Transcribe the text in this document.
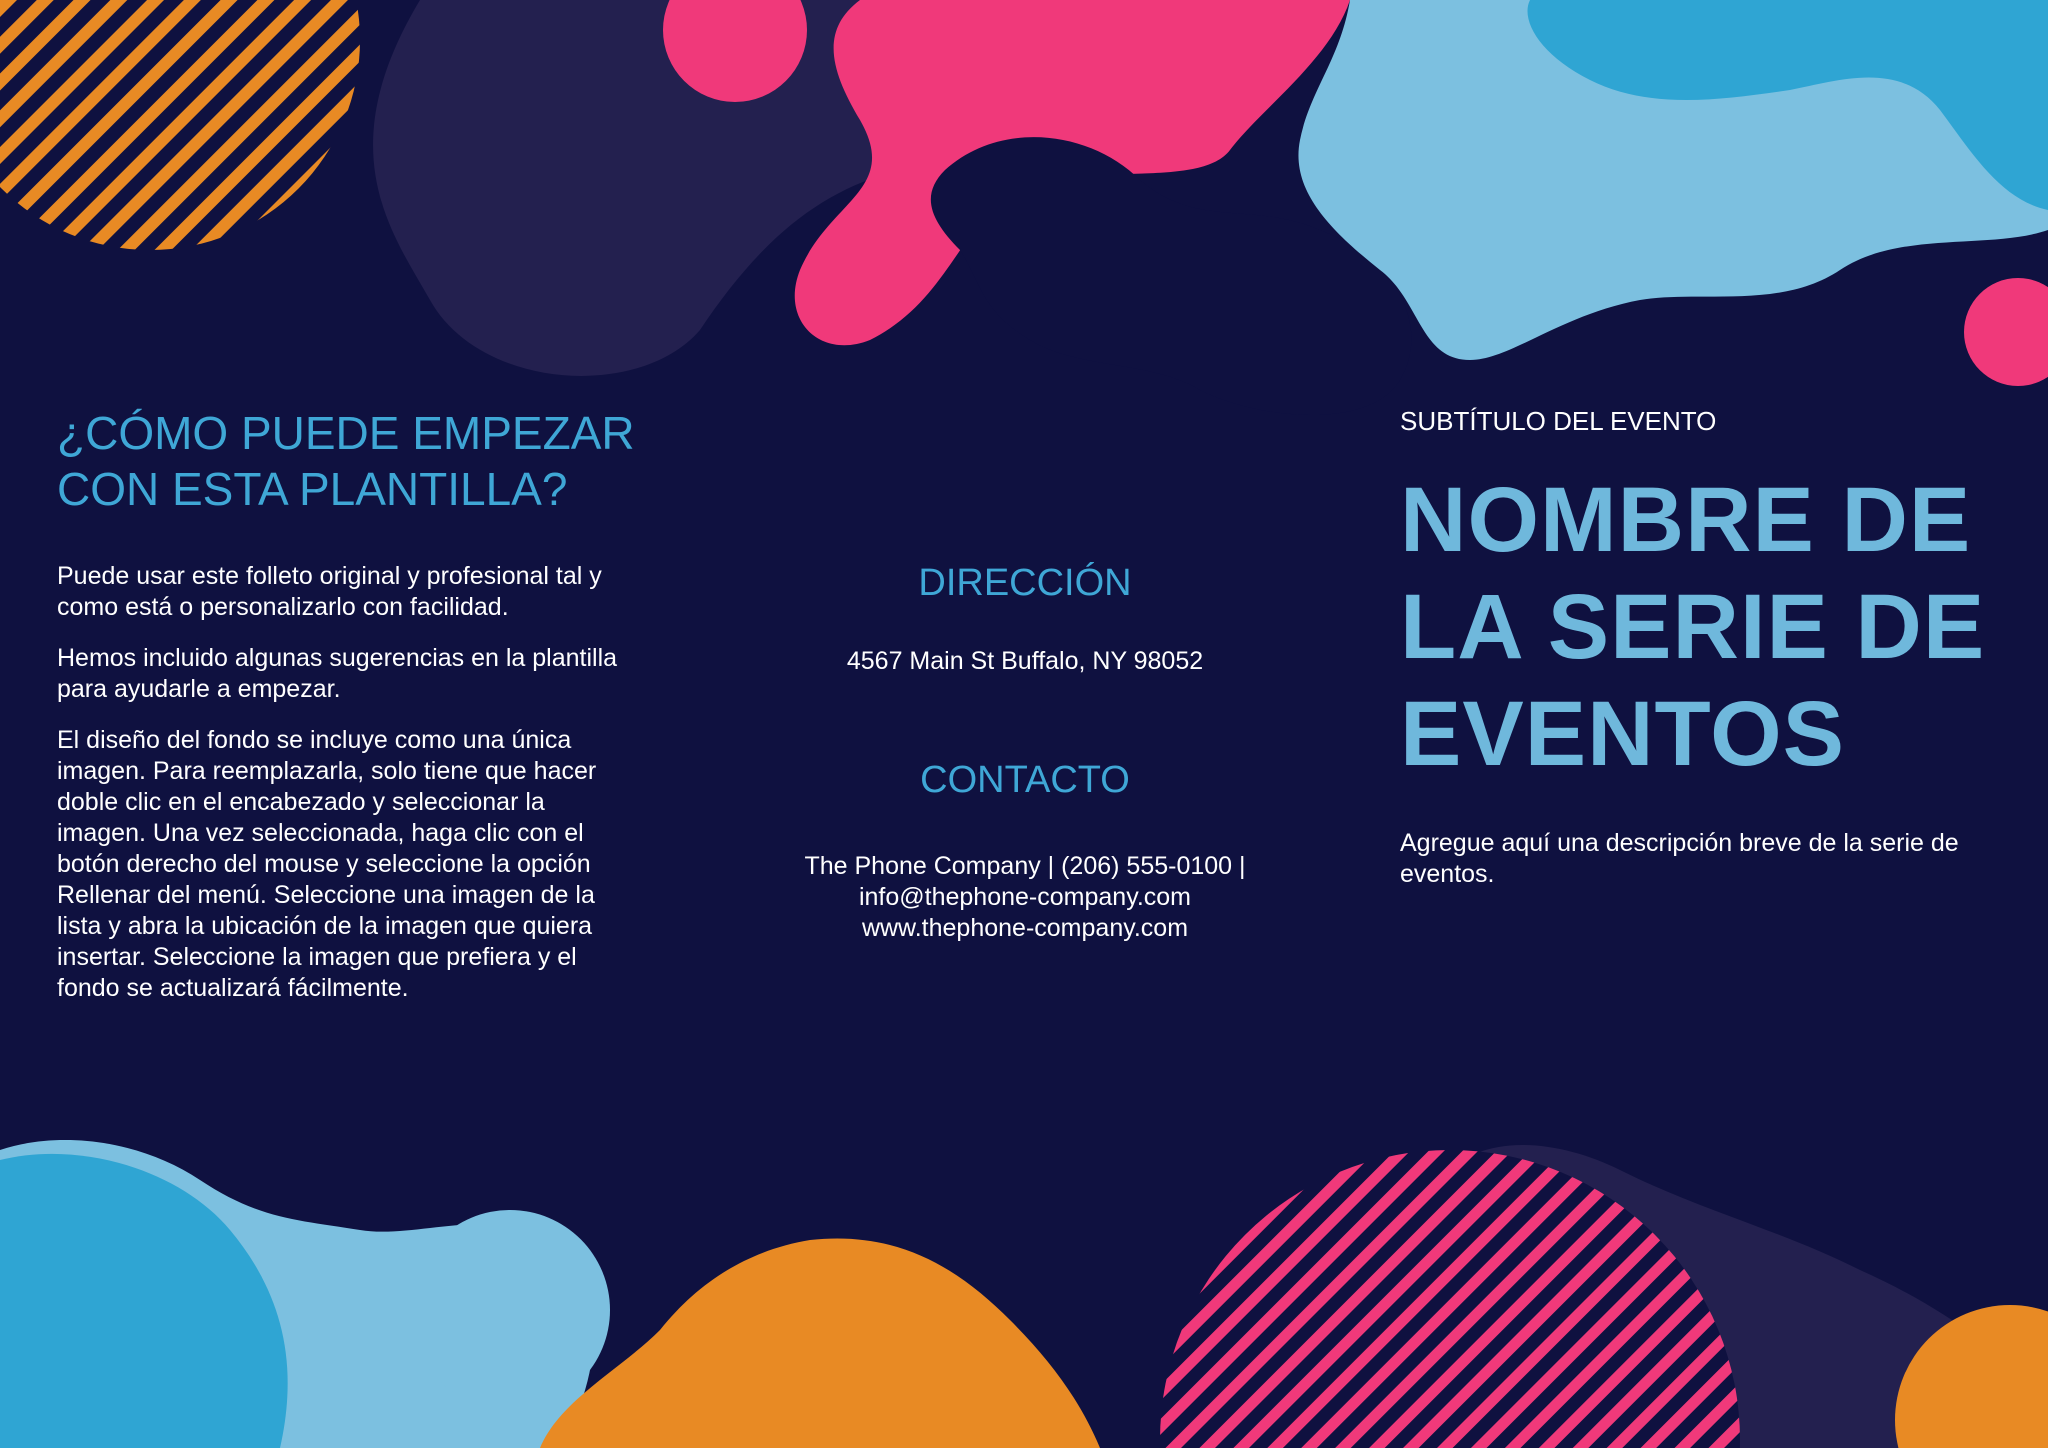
¿CÓMO PUEDE EMPEZAR CON ESTA PLANTILLA?

Puede usar este folleto original y profesional tal y como está o personalizarlo con facilidad.

Hemos incluido algunas sugerencias en la plantilla para ayudarle a empezar.

El diseño del fondo se incluye como una única imagen. Para reemplazarla, solo tiene que hacer doble clic en el encabezado y seleccionar la imagen. Una vez seleccionada, haga clic con el botón derecho del mouse y seleccione la opción Rellenar del menú. Seleccione una imagen de la lista y abra la ubicación de la imagen que quiera insertar. Seleccione la imagen que prefiera y el fondo se actualizará fácilmente.

DIRECCIÓN

4567 Main St Buffalo, NY 98052

CONTACTO

The Phone Company | (206) 555-0100 |
info@thephone-company.com
www.thephone-company.com

SUBTÍTULO DEL EVENTO

NOMBRE DE LA SERIE DE EVENTOS

Agregue aquí una descripción breve de la serie de eventos.
